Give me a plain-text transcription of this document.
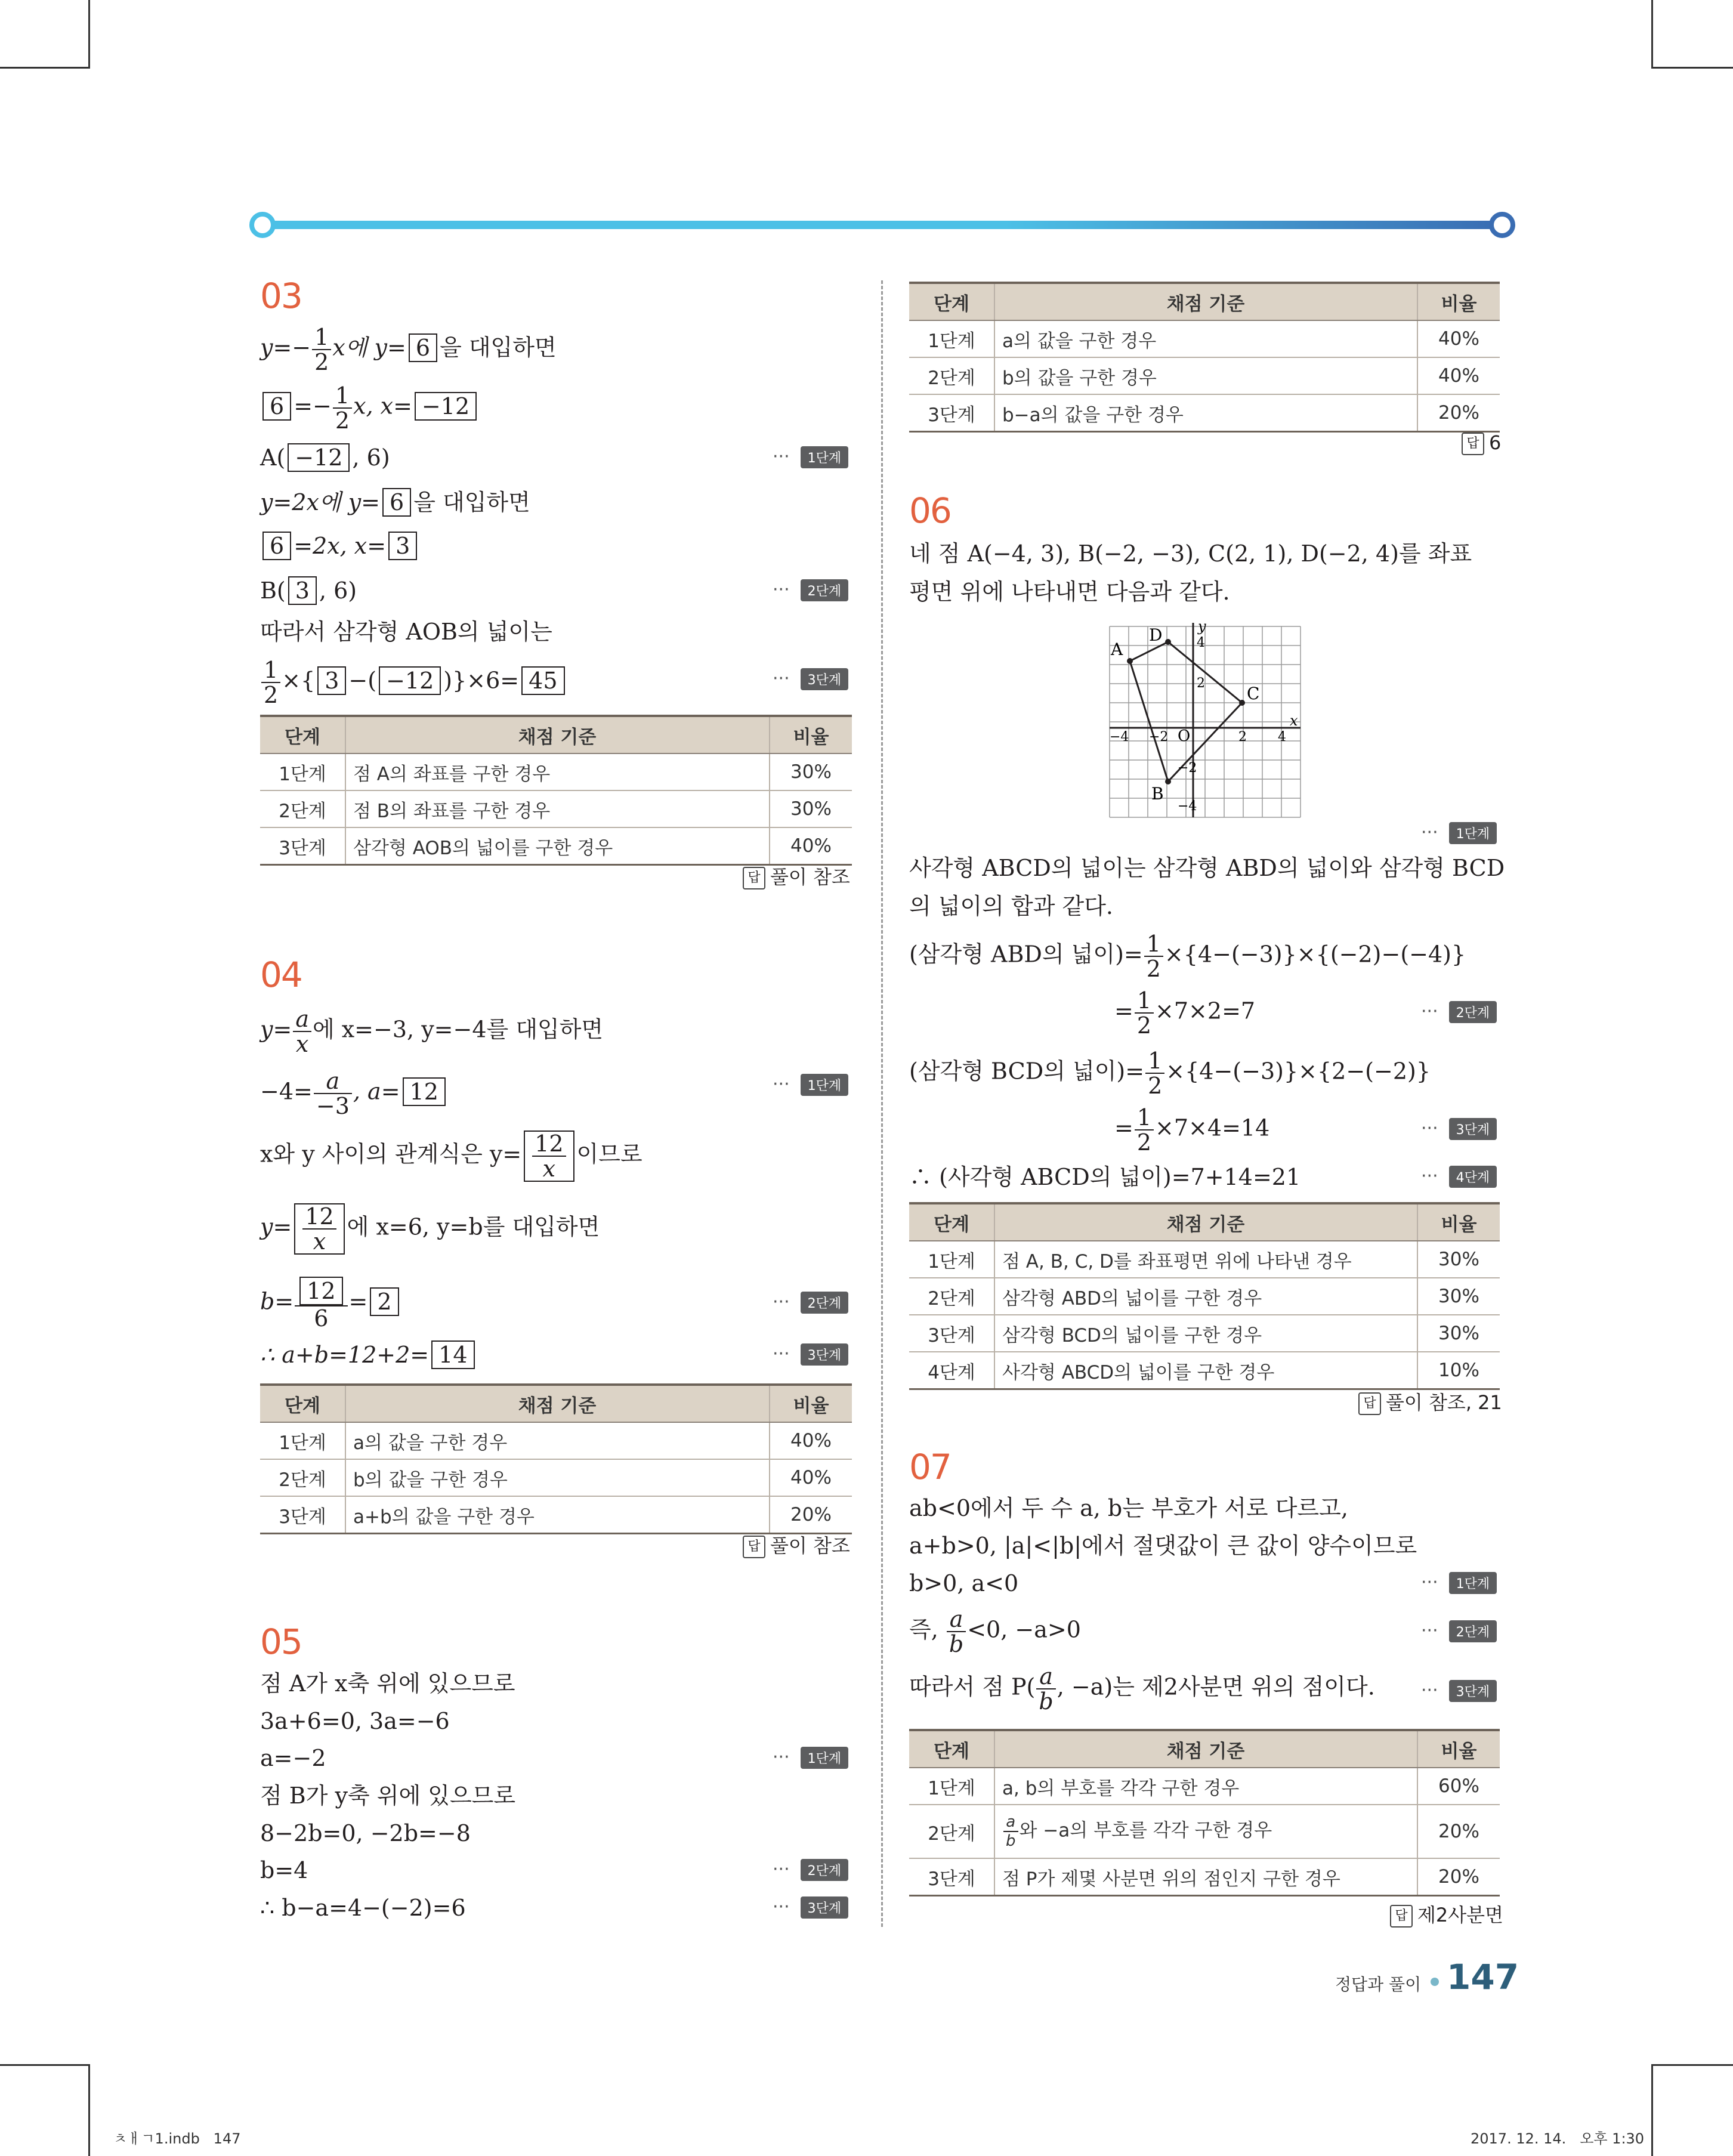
03
$y=- \frac{1}{2}$ x에 y= 6 을 대입하면
$6 =- \frac{1}{2} x$, x= −12
A( −12 , 6)	··· 1단계
y=2x에 y= 6 을 대입하면
6 =2x, x= 3
B( 3 , 6)	··· 2단계
따라서 삼각형 AOB의 넓이는
$\frac{1}{2}$ ×{ 3 −( −12 )}×6= 45	··· 3단계
단계	채점 기준	비율
1단계	점 A의 좌표를 구한 경우	30%
2단계	점 B의 좌표를 구한 경우	30%
3단계	삼각형 AOB의 넓이를 구한 경우	40%
답 풀이 참조
04
$y= \frac{a}{x}$ 에 x=−3, y=−4를 대입하면
$-4= \frac{a}{-3}$ , a= 12	··· 1단계
x와 y 사이의 관계식은 $y= \frac{12}{x}$ 이므로
$y= \frac{12}{x}$ 에 x=6, y=b를 대입하면
$b= \frac{12}{6} = 2$	··· 2단계
∴ a+b=12+2= 14	··· 3단계
단계	채점 기준	비율
1단계	a의 값을 구한 경우	40%
2단계	b의 값을 구한 경우	40%
3단계	a+b의 값을 구한 경우	20%
답 풀이 참조
05
점 A가 x축 위에 있으므로
3a+6=0, 3a=−6
a=−2	··· 1단계
점 B가 y축 위에 있으므로
8−2b=0, −2b=−8
b=4	··· 2단계
∴ b−a=4−(−2)=6	··· 3단계
단계	채점 기준	비율
1단계	a의 값을 구한 경우	40%
2단계	b의 값을 구한 경우	40%
3단계	b−a의 값을 구한 경우	20%
답 6
06
네 점 A(−4, 3), B(−2, −3), C(2, 1), D(−2, 4)를 좌표
평면 위에 나타내면 다음과 같다.
A
B
C
D
O
x
y
−4 −2	2 4
4
2
−2
−4
··· 1단계
사각형 ABCD의 넓이는 삼각형 ABD의 넓이와 삼각형 BCD
의 넓이의 합과 같다.
(삼각형 ABD의 넓이)= $\frac{1}{2} \times\{4-(-3)\}\times\{(-2)-(-4)\}$
= $\frac{1}{2} \times 7\times 2=7$	··· 2단계
(삼각형 BCD의 넓이)= $\frac{1}{2} \times\{4-(-3)\}\times\{2-(-2)\}$
= $\frac{1}{2} \times 7\times 4=14$	··· 3단계
∴ (사각형 ABCD의 넓이)=7+14=21	··· 4단계
단계	채점 기준	비율
1단계	점 A, B, C, D를 좌표평면 위에 나타낸 경우	30%
2단계	삼각형 ABD의 넓이를 구한 경우	30%
3단계	삼각형 BCD의 넓이를 구한 경우	30%
4단계	사각형 ABCD의 넓이를 구한 경우	10%
답 풀이 참조, 21
07
ab<0에서 두 수 a, b는 부호가 서로 다르고,
a+b>0, |a|<|b|에서 절댓값이 큰 값이 양수이므로
b>0, a<0	··· 1단계
즉, $\frac{a}{b} <0$, −a>0	··· 2단계
따라서 점 $P( \frac{a}{b}$ , −a)는 제2사분면 위의 점이다.	··· 3단계
단계	채점 기준	비율
1단계	a, b의 부호를 각각 구한 경우	60%
2단계	$\frac{a}{b}$ 와 −a의 부호를 각각 구한 경우	20%
3단계	점 P가 제몇 사분면 위의 점인지 구한 경우	20%
답 제2사분면
정답과 풀이 147
ㅊㅐㄱ1.indb   147	2017. 12. 14.   오후 1:30
